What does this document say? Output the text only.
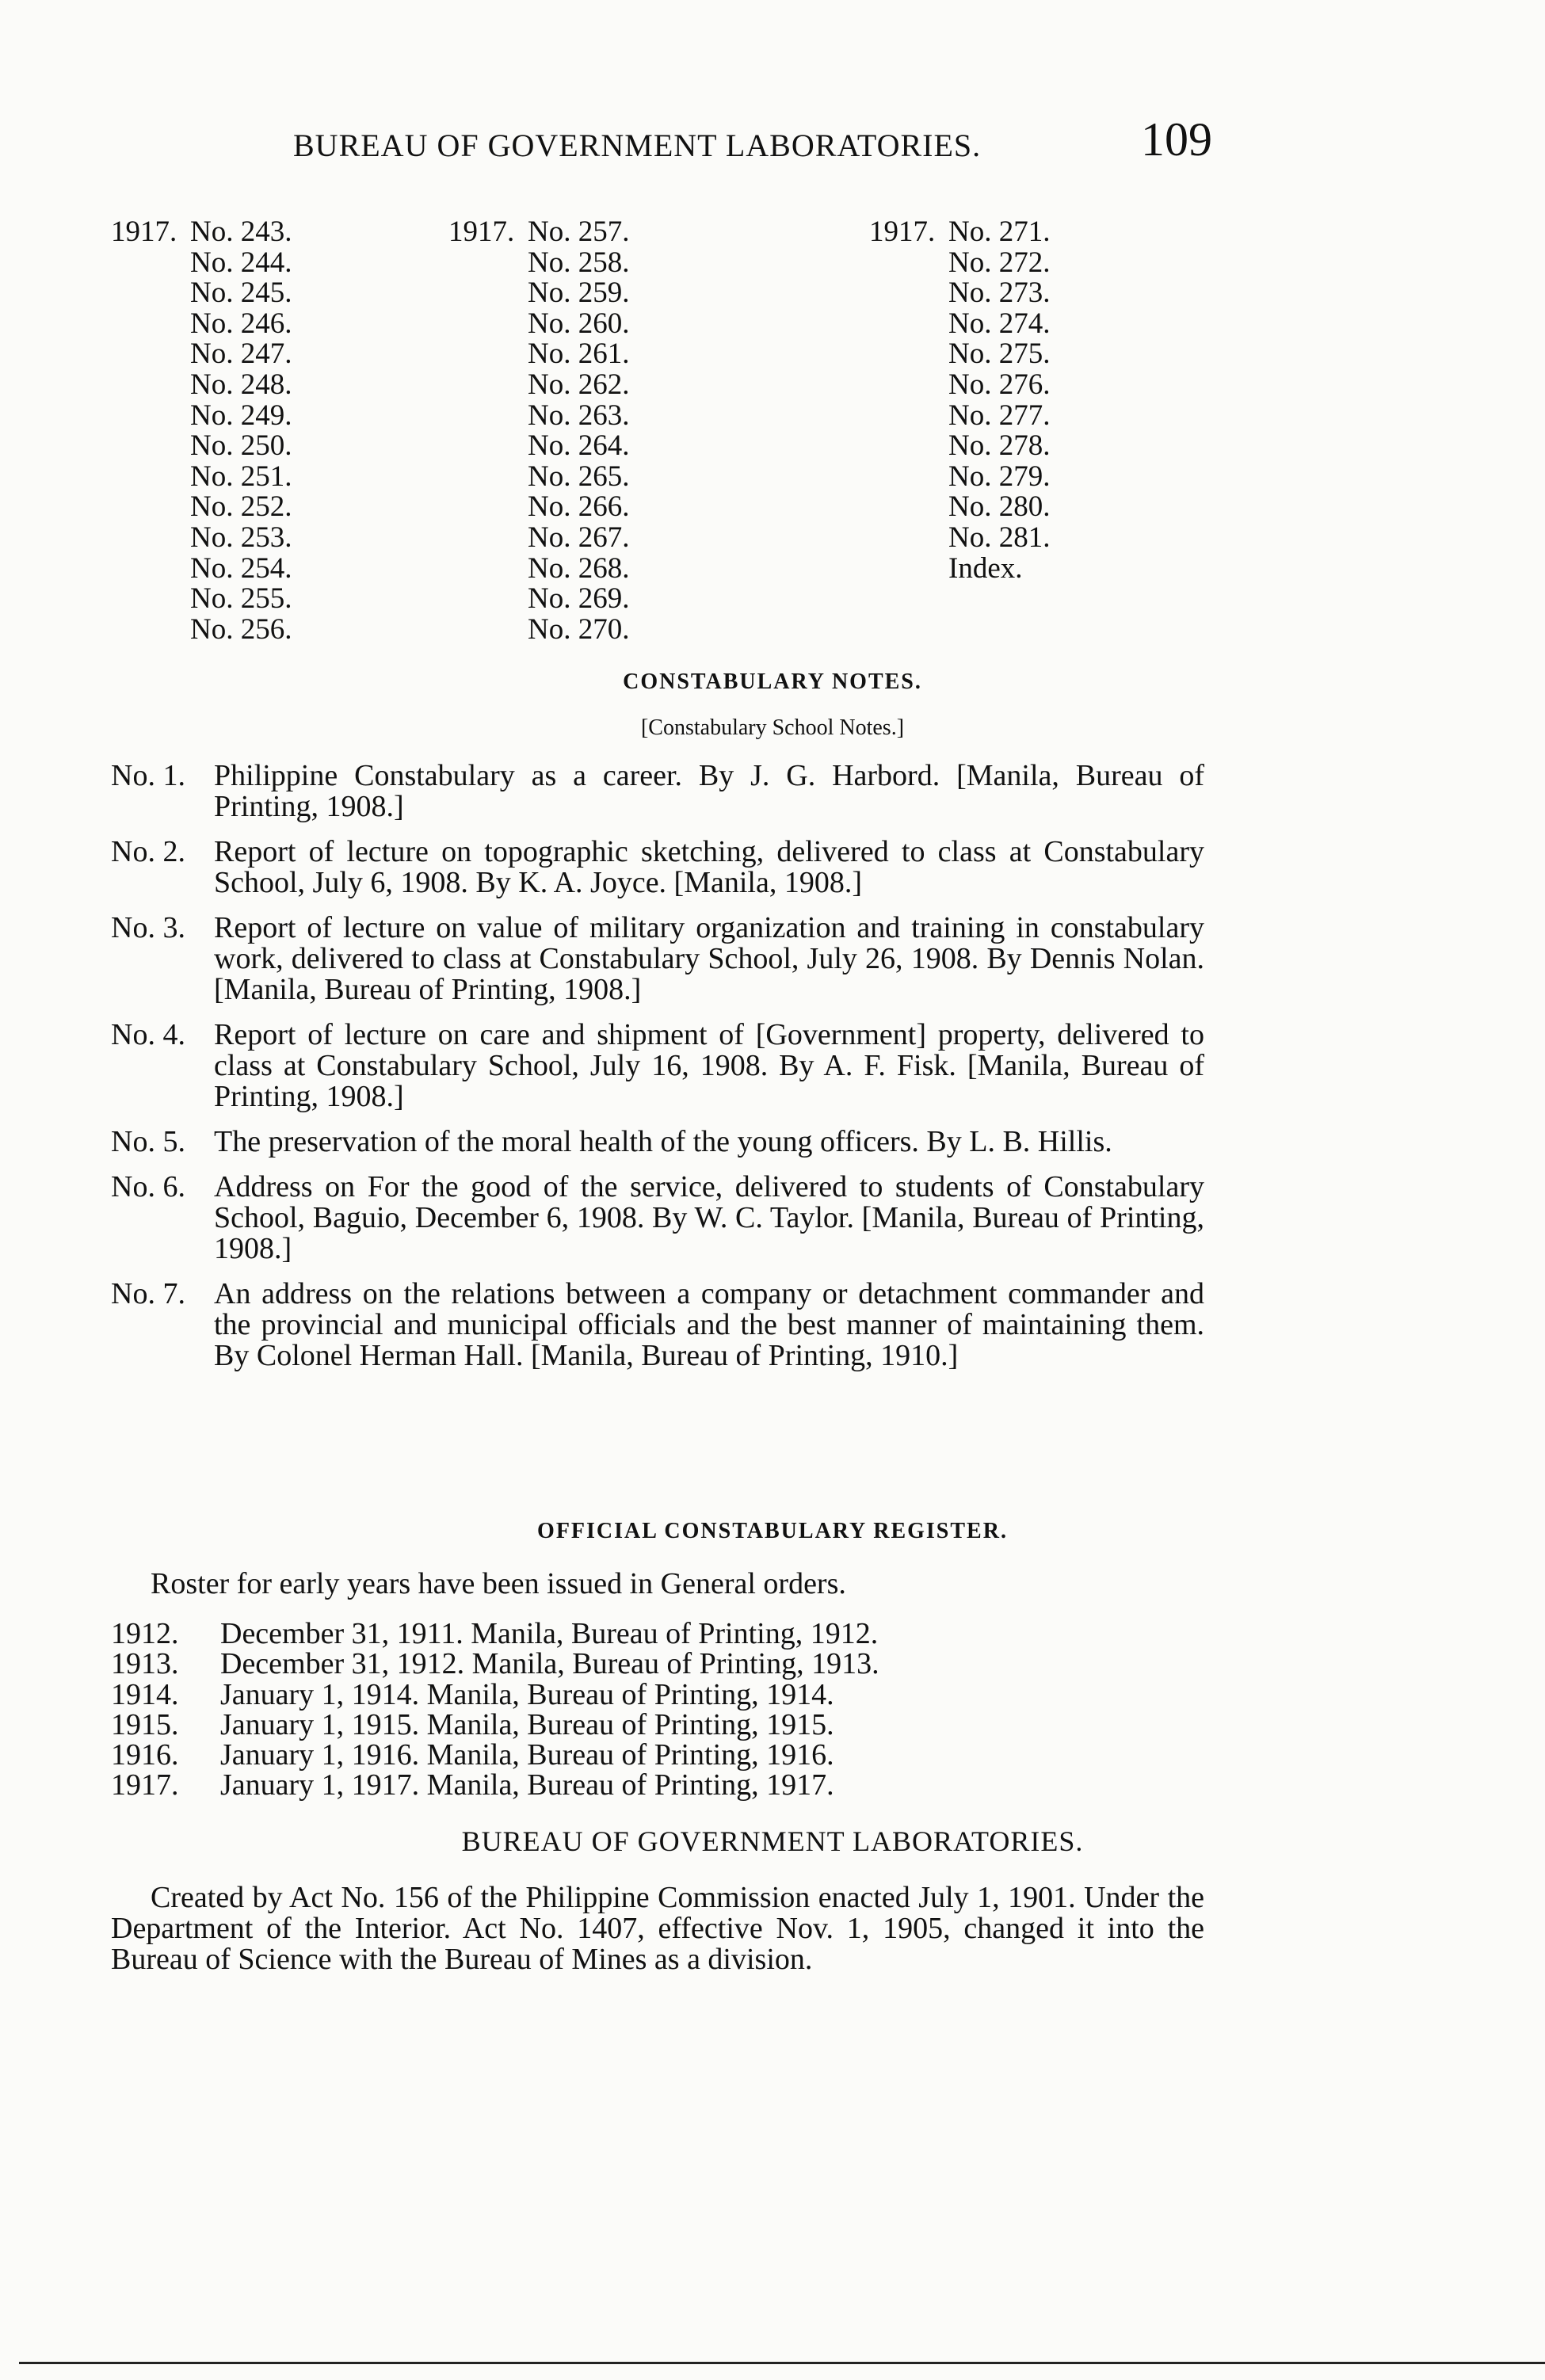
BUREAU OF GOVERNMENT LABORATORIES.	109
1917. No. 243.
No. 244.
No. 245.
No. 246.
No. 247.
No. 248.
No. 249.
No. 250.
No. 251.
No. 252.
No. 253.
No. 254.
No. 255.
No. 256.
1917. No. 257.
No. 258.
No. 259.
No. 260.
No. 261.
No. 262.
No. 263.
No. 264.
No. 265.
No. 266.
No. 267.
No. 268.
No. 269.
No. 270.
1917. No. 271.
No. 272.
No. 273.
No. 274.
No. 275.
No. 276.
No. 277.
No. 278.
No. 279.
No. 280.
No. 281.
Index.
CONSTABULARY NOTES.
[Constabulary School Notes.]
No. 1. Philippine Constabulary as a career. By J. G. Harbord. [Manila, Bureau of Printing, 1908.]
No. 2. Report of lecture on topographic sketching, delivered to class at Constabulary School, July 6, 1908. By K. A. Joyce. [Manila, 1908.]
No. 3. Report of lecture on value of military organization and training in constabulary work, delivered to class at Constabulary School, July 26, 1908. By Dennis Nolan. [Manila, Bureau of Printing, 1908.]
No. 4. Report of lecture on care and shipment of [Government] property, delivered to class at Constabulary School, July 16, 1908. By A. F. Fisk. [Manila, Bureau of Printing, 1908.]
No. 5. The preservation of the moral health of the young officers. By L. B. Hillis.
No. 6. Address on For the good of the service, delivered to students of Constabulary School, Baguio, December 6, 1908. By W. C. Taylor. [Manila, Bureau of Printing, 1908.]
No. 7. An address on the relations between a company or detachment commander and the provincial and municipal officials and the best manner of maintaining them. By Colonel Herman Hall. [Manila, Bureau of Printing, 1910.]
OFFICIAL CONSTABULARY REGISTER.
Roster for early years have been issued in General orders.
1912.	December 31, 1911. Manila, Bureau of Printing, 1912.
1913.	December 31, 1912. Manila, Bureau of Printing, 1913.
1914.	January 1, 1914. Manila, Bureau of Printing, 1914.
1915.	January 1, 1915. Manila, Bureau of Printing, 1915.
1916.	January 1, 1916. Manila, Bureau of Printing, 1916.
1917.	January 1, 1917. Manila, Bureau of Printing, 1917.
BUREAU OF GOVERNMENT LABORATORIES.
Created by Act No. 156 of the Philippine Commission enacted July 1, 1901. Under the Department of the Interior. Act No. 1407, effective Nov. 1, 1905, changed it into the Bureau of Science with the Bureau of Mines as a division.
